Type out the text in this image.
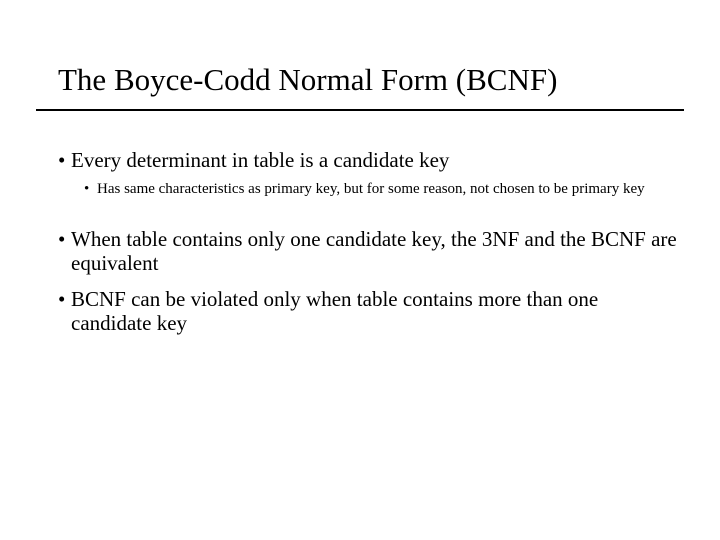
The Boyce-Codd Normal Form (BCNF)
• Every determinant in table is a candidate key
• Has same characteristics as primary key, but for some reason, not chosen to be primary key
• When table contains only one candidate key, the 3NF and the BCNF are equivalent
• BCNF can be violated only when table contains more than one candidate key
